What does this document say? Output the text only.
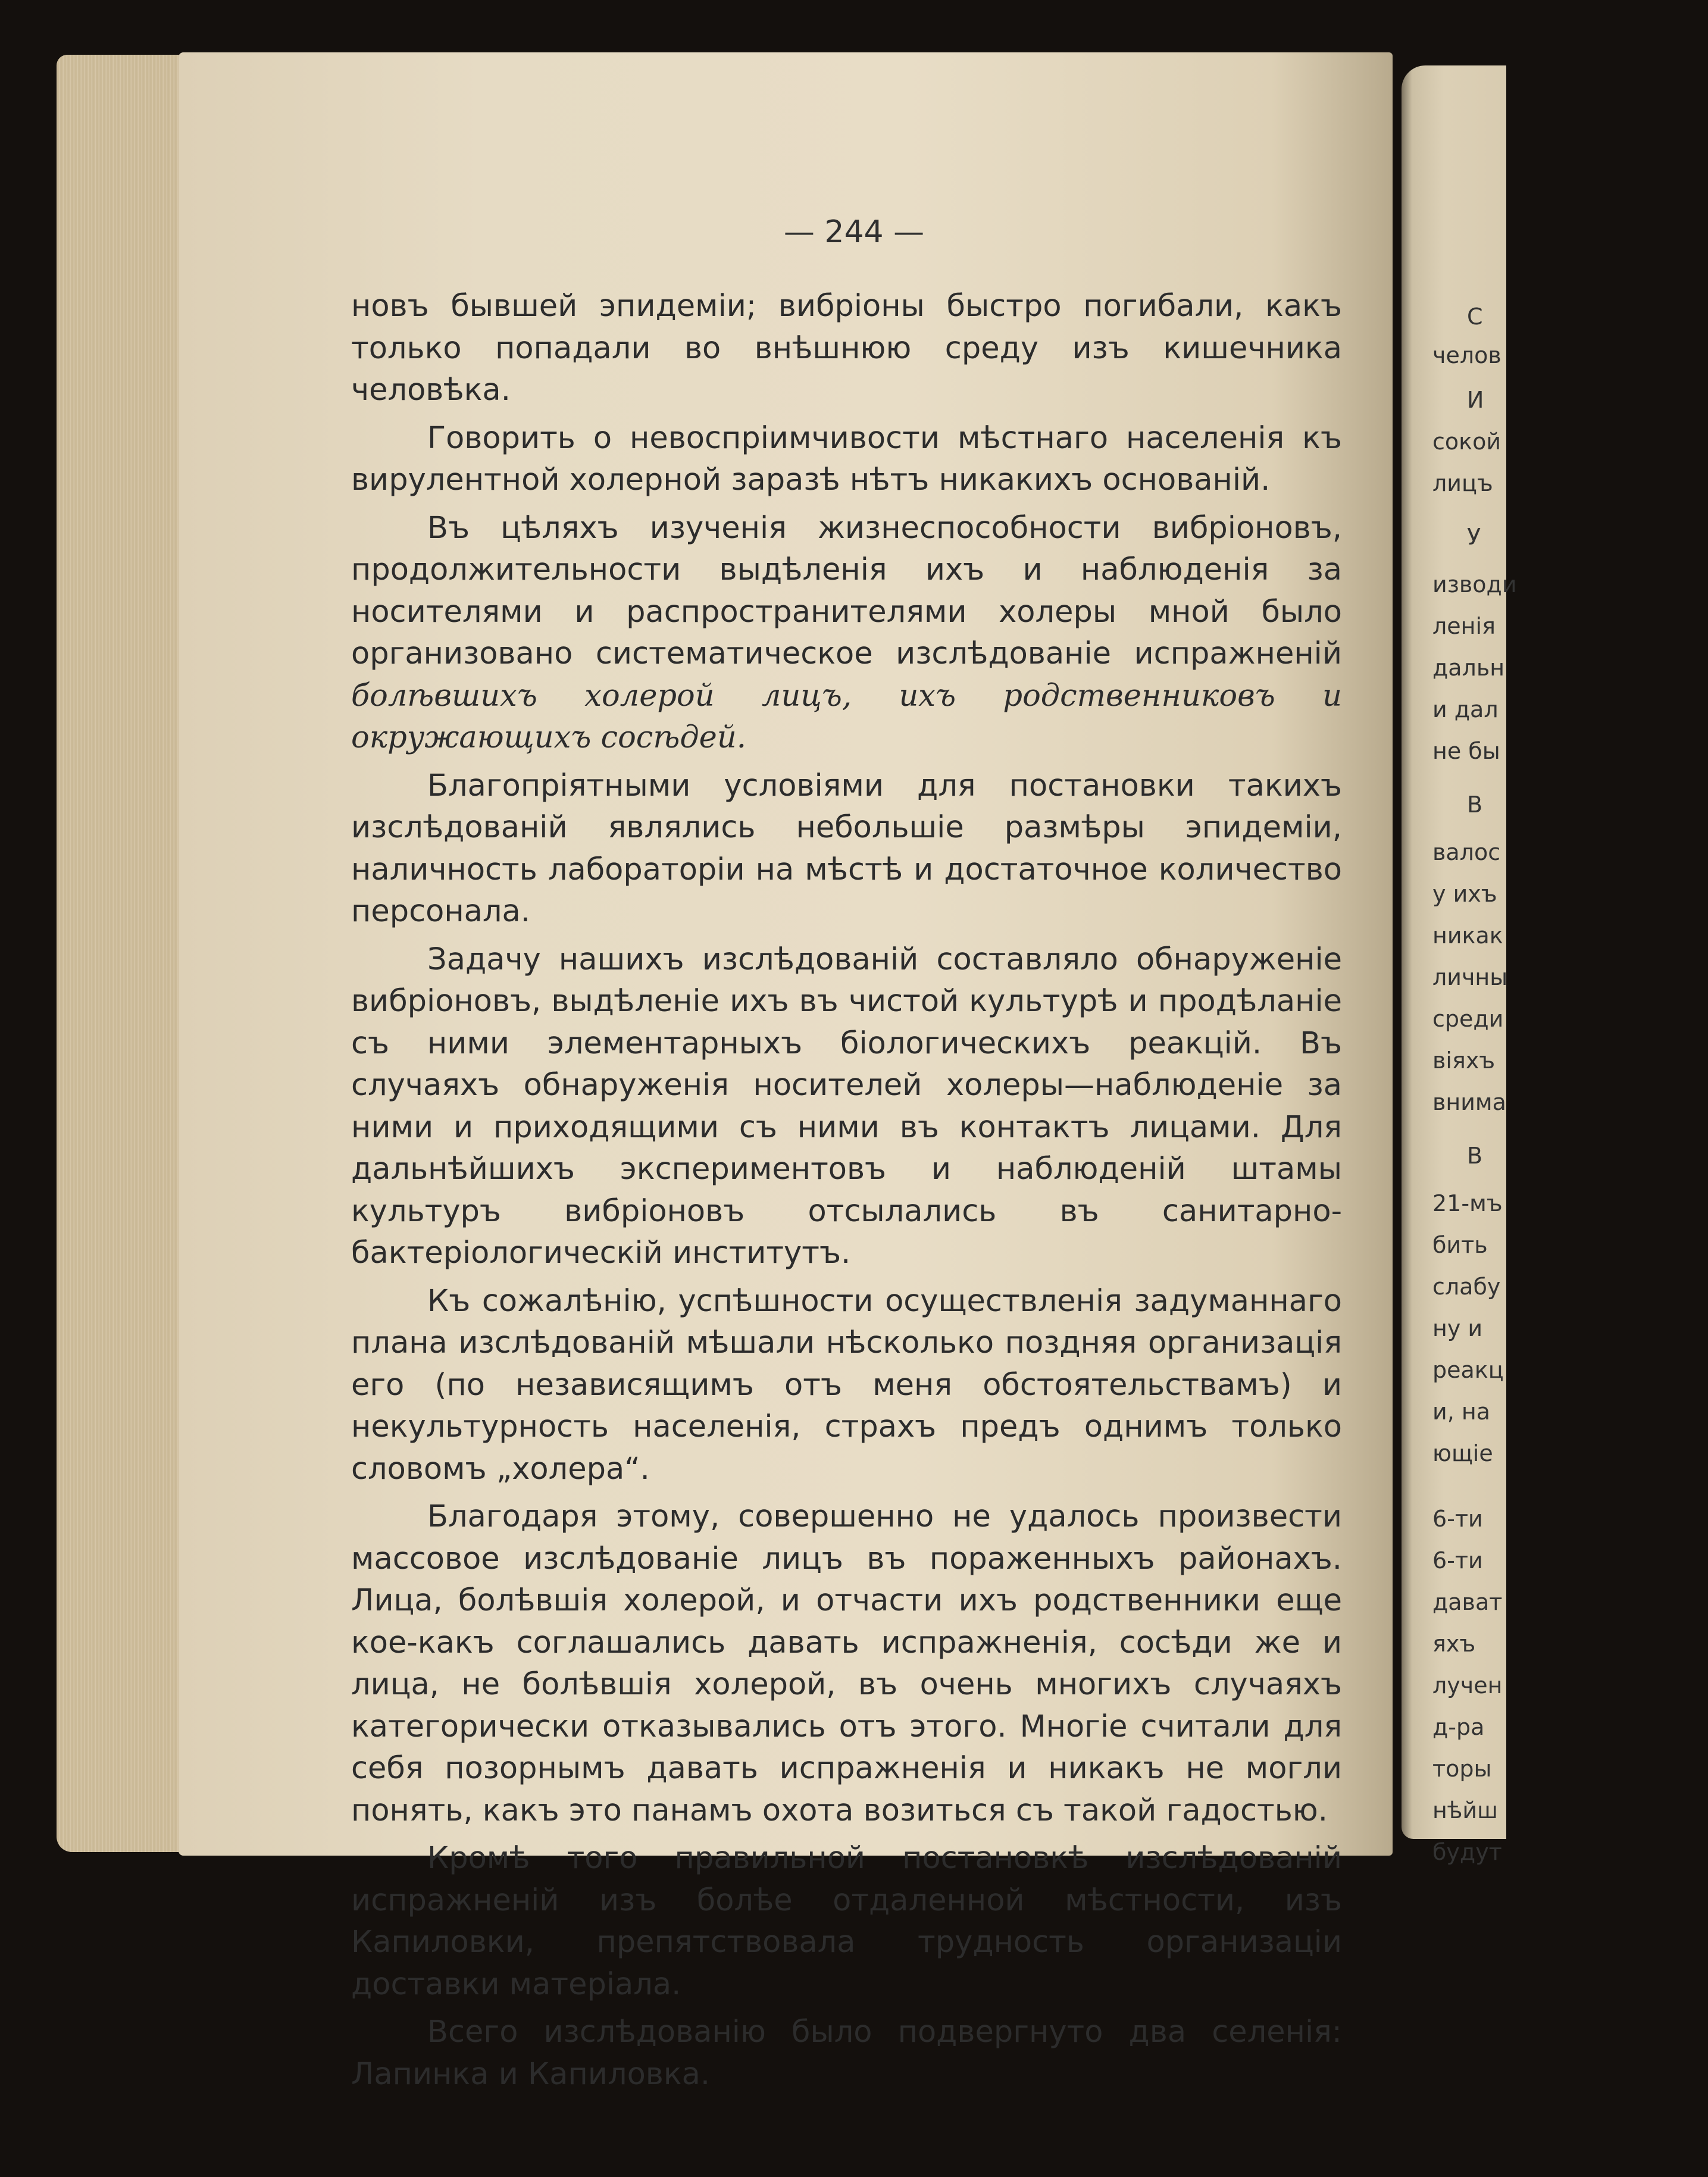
С
челов
И
сокой
лицъ
У
изводи
ленія
дальн
и дал
не бы
В
валос
у ихъ
никак
личны
среди
віяхъ
внима
В
21-мъ
бить
слабу
ну и
реакц
и, на
ющіе
6-ти
6-ти
дават
яхъ
лучен
д-ра
торы
нѣйш
будут
— 244 —

новъ бывшей эпидеміи; вибріоны быстро погибали, какъ только попадали во внѣшнюю среду изъ кишечника человѣка.

Говорить о невоспріимчивости мѣстнаго населенія къ вирулентной холерной заразѣ нѣтъ никакихъ основаній.

Въ цѣляхъ изученія жизнеспособности вибріоновъ, продолжительности выдѣленія ихъ и наблюденія за носителями и распространителями холеры мной было организовано систематическое изслѣдованіе испражненій болѣвшихъ холерой лицъ, ихъ родственниковъ и окружающихъ сосѣдей.

Благопріятными условіями для постановки такихъ изслѣдованій являлись небольшіе размѣры эпидеміи, наличность лабораторіи на мѣстѣ и достаточное количество персонала.

Задачу нашихъ изслѣдованій составляло обнаруженіе вибріоновъ, выдѣленіе ихъ въ чистой культурѣ и продѣланіе съ ними элементарныхъ біологическихъ реакцій. Въ случаяхъ обнаруженія носителей холеры—наблюденіе за ними и приходящими съ ними въ контактъ лицами. Для дальнѣйшихъ экспериментовъ и наблюденій штамы культуръ вибріоновъ отсылались въ санитарно-бактеріологическій институтъ.

Къ сожалѣнію, успѣшности осуществленія задуманнаго плана изслѣдованій мѣшали нѣсколько поздняя организація его (по независящимъ отъ меня обстоятельствамъ) и некультурность населенія, страхъ предъ однимъ только словомъ „холера“.

Благодаря этому, совершенно не удалось произвести массовое изслѣдованіе лицъ въ пораженныхъ районахъ. Лица, болѣвшія холерой, и отчасти ихъ родственники еще кое-какъ соглашались давать испражненія, сосѣди же и лица, не болѣвшія холерой, въ очень многихъ случаяхъ категорически отказывались отъ этого. Многіе считали для себя позорнымъ давать испражненія и никакъ не могли понять, какъ это панамъ охота возиться съ такой гадостью.

Кромѣ того правильной постановкѣ изслѣдованій испражненій изъ болѣе отдаленной мѣстности, изъ Капиловки, препятствовала трудность организаціи доставки матеріала.

Всего изслѣдованію было подвергнуто два селенія: Лапинка и Капиловка.
